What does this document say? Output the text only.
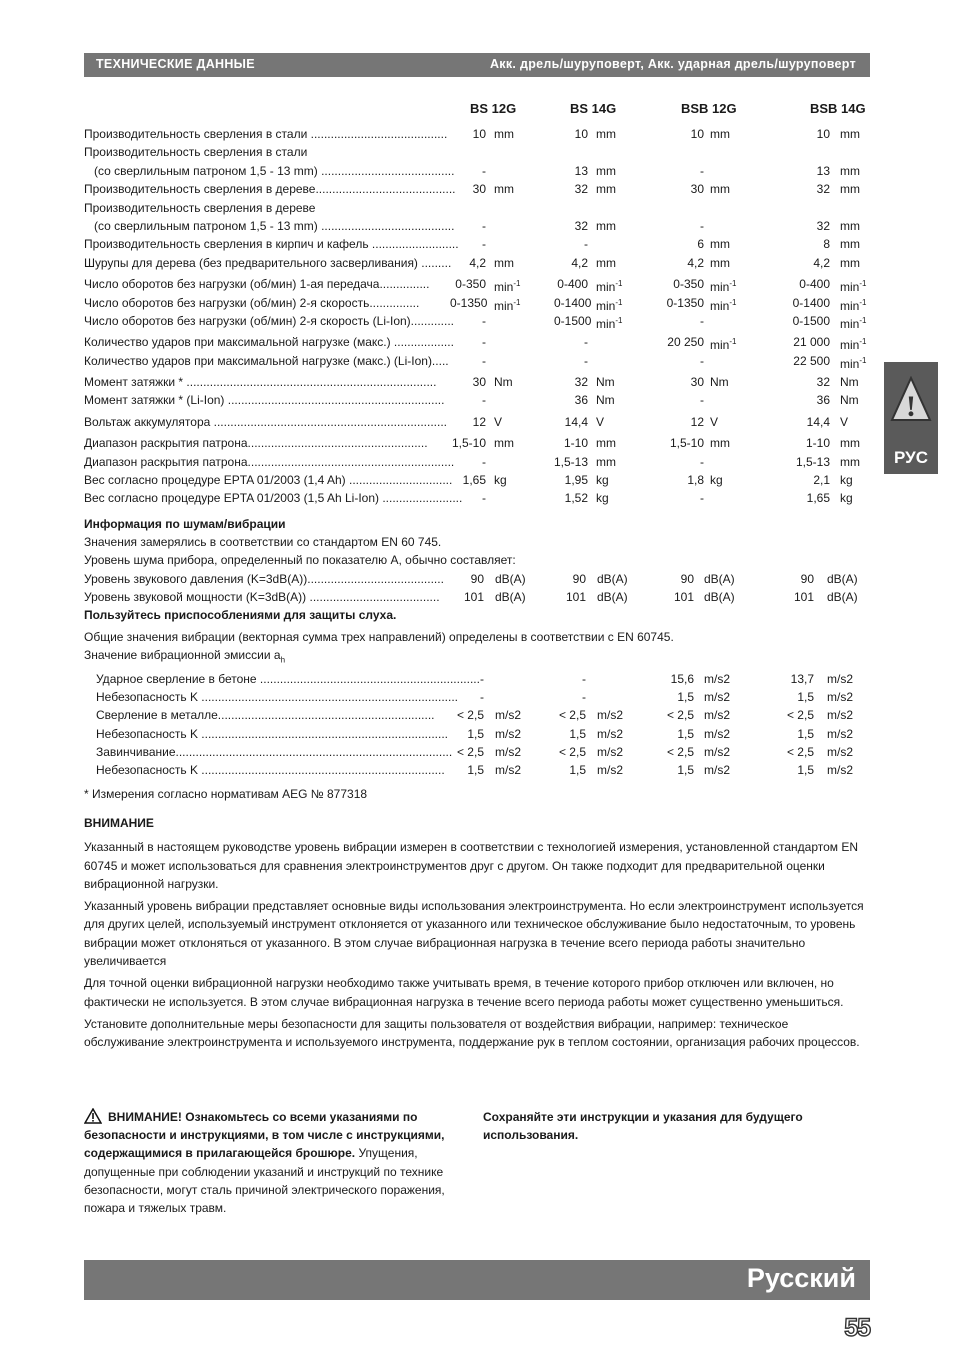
ТЕХНИЧЕСКИЕ ДАННЫЕ	Акк. дрель/шуруповерт, Акк. ударная дрель/шуруповерт
BS 12G	BS 14G	BSB 12G	BSB 14G
Производительность сверления в стали .........................................	10 mm	10 mm	10 mm	10 mm
Производительность сверления в стали
(со сверлильным патроном 1,5 - 13 mm) ........................................	-	13 mm	-	13 mm
Производительность сверления в дереве..........................................	30 mm	32 mm	30 mm	32 mm
Производительность сверления в дереве
(со сверлильным патроном 1,5 - 13 mm) ........................................	-	32 mm	-	32 mm
Производительность сверления в кирпич и кафель ..........................	-	-	6 mm	8 mm
Шурупы для дерева (без предварительного засверливания) .........	4,2 mm	4,2 mm	4,2 mm	4,2 mm
Число оборотов без нагрузки (об/мин) 1-ая передача...............	0-350 $\min^{-1}$	0-400 $\min^{-1}$	0-350 $\min^{-1}$	0-400 $\min^{-1}$
Число оборотов без нагрузки (об/мин) 2-я скорость...............	0-1350 $\min^{-1}$	0-1400 $\min^{-1}$	0-1350 $\min^{-1}$	0-1400 $\min^{-1}$
Число оборотов без нагрузки (об/мин) 2-я скорость (Li-Ion).............	-	0-1500 $\min^{-1}$	-	0-1500 $\min^{-1}$
Количество ударов при максимальной нагрузке (макс.) ..................	-	-	20 250 $\min^{-1}$	21 000 $\min^{-1}$
Количество ударов при максимальной нагрузке (макс.) (Li-Ion).....	-	-	-	22 500 $\min^{-1}$
Момент затяжки * ...........................................................................	30 Nm	32 Nm	30 Nm	32 Nm
Момент затяжки * (Li-Ion) .................................................................	-	36 Nm	-	36 Nm
Вольтаж аккумулятора ......................................................................	12 V	14,4 V	12 V	14,4 V
Диапазон раскрытия патрона...................................................... 1,5-10 mm	1-10 mm	1,5-10 mm	1-10 mm
Диапазон раскрытия патрона..............................................................	-	1,5-13 mm	-	1,5-13 mm
Вес согласно процедуре EPTA 01/2003 (1,4 Ah) ............................... 1,65 kg	1,95 kg	1,8 kg	2,1 kg
Вес согласно процедуре EPTA 01/2003 (1,5 Ah Li-Ion) ........................	-	1,52 kg	-	1,65 kg
Информация по шумам/вибрации
Значения замерялись в соответствии со стандартом EN 60 745.
Уровень шума прибора, определенный по показателю А, обычно составляет:
Уровень звукового давления (K=3dB(A)).........................................	90 dB(A)	90 dB(A)	90 dB(A)	90 dB(A)
Уровень звуковой мощности (K=3dB(A)) .......................................	101 dB(A)	101 dB(A)	101 dB(A)	101 dB(A)
Пользуйтесь приспособлениями для защиты слуха.
Общие значения вибрации (векторная сумма трех направлений) определены в соответствии с EN 60745.
Значение вибрационной эмиссии $a_h$
Ударное сверление в бетоне .................................................................. -	-	15,6 m/s2	13,7 m/s2
Небезопасность K .............................................................................	-	-	1,5 m/s2	1,5 m/s2
Сверление в металле.................................................................	< 2,5 m/s2	< 2,5 m/s2	< 2,5 m/s2	< 2,5 m/s2
Небезопасность K ..........................................................................	1,5 m/s2	1,5 m/s2	1,5 m/s2	1,5 m/s2
Завинчивание................................................................................... < 2,5 m/s2	< 2,5 m/s2	< 2,5 m/s2	< 2,5 m/s2
Небезопасность K .........................................................................	1,5 m/s2	1,5 m/s2	1,5 m/s2	1,5 m/s2
* Измерения согласно нормативам AEG № 877318
ВНИМАНИЕ
Указанный в настоящем руководстве уровень вибрации измерен в соответствии с технологией измерения, установленной стандартом EN 60745 и может использоваться для сравнения электроинструментов друг с другом. Он также подходит для предварительной оценки вибрационной нагрузки.
Указанный уровень вибрации представляет основные виды использования электроинструмента. Но если электроинструмент используется для других целей, используемый инструмент отклоняется от указанного или техническое обслуживание было недостаточным, то уровень вибрации может отклоняться от указанного. В этом случае вибрационная нагрузка в течение всего периода работы значительно увеличивается
Для точной оценки вибрационной нагрузки необходимо также учитывать время, в течение которого прибор отключен или включен, но фактически не используется. В этом случае вибрационная нагрузка в течение всего периода работы может существенно уменьшиться.
Установите дополнительные меры безопасности для защиты пользователя от воздействия вибрации, например: техническое обслуживание электроинструмента и используемого инструмента, поддержание рук в теплом состоянии, организация рабочих процессов.
!
РУС
ВНИМАНИЕ! Ознакомьтесь со всеми указаниями по безопасности и инструкциями, в том числе с инструкциями, содержащимися в прилагающейся брошюре. Упущения, допущенные при соблюдении указаний и инструкций по технике безопасности, могут сталь причиной электрического поражения, пожара и тяжелых травм.
Сохраняйте эти инструкции и указания для будущего использования.
Русский
55
